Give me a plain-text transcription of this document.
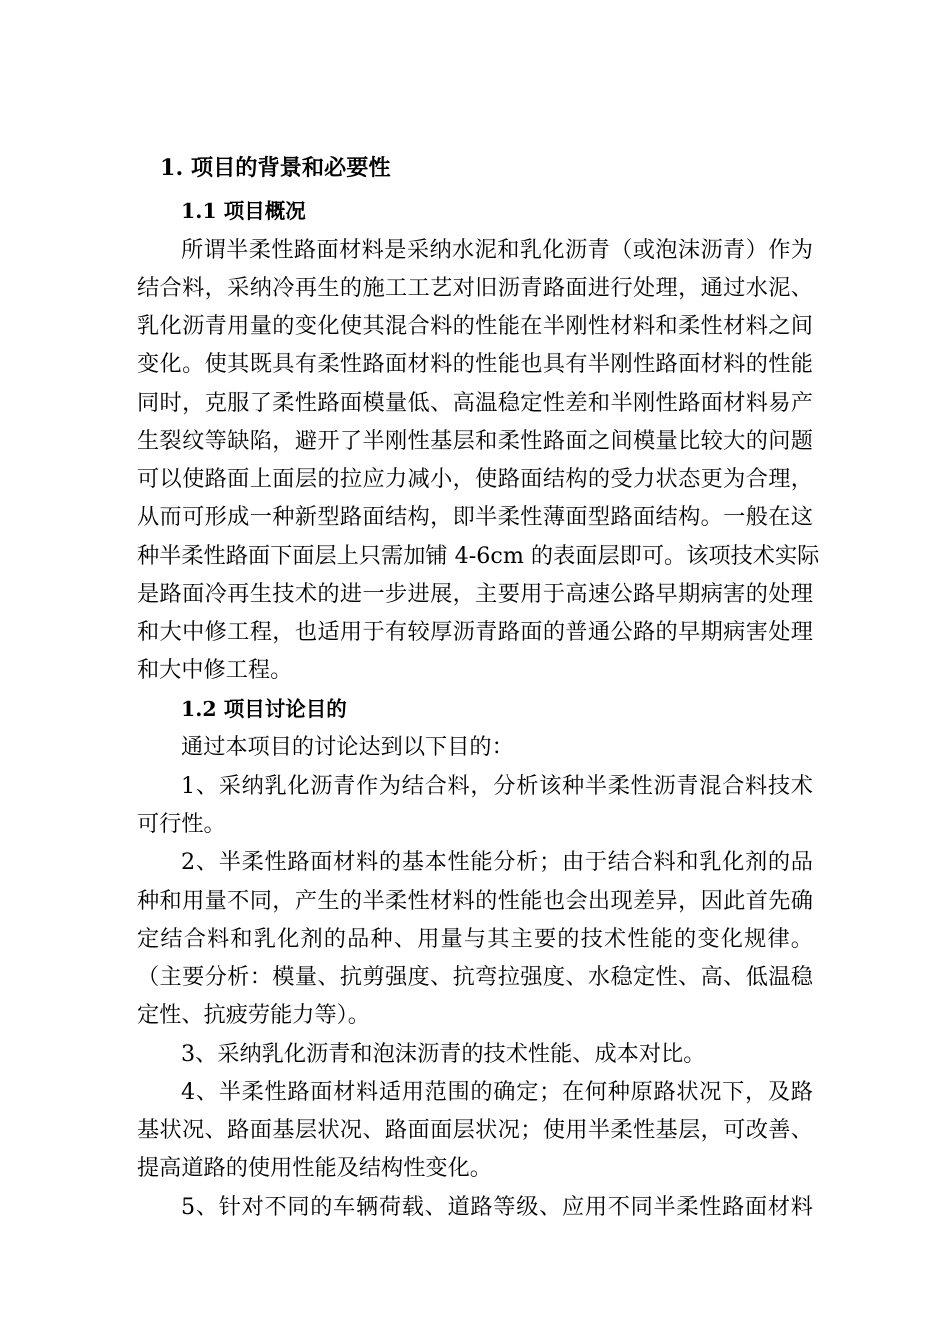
1. 项目的背景和必要性
1.1 项目概况
所谓半柔性路面材料是采纳水泥和乳化沥青（或泡沫沥青）作为
结合料，采纳冷再生的施工工艺对旧沥青路面进行处理，通过水泥、
乳化沥青用量的变化使其混合料的性能在半刚性材料和柔性材料之间
变化。使其既具有柔性路面材料的性能也具有半刚性路面材料的性能
同时，克服了柔性路面模量低、高温稳定性差和半刚性路面材料易产
生裂纹等缺陷，避开了半刚性基层和柔性路面之间模量比较大的问题
可以使路面上面层的拉应力减小，使路面结构的受力状态更为合理，
从而可形成一种新型路面结构，即半柔性薄面型路面结构。一般在这
种半柔性路面下面层上只需加铺 4-6cm 的表面层即可。该项技术实际
是路面冷再生技术的进一步进展，主要用于高速公路早期病害的处理
和大中修工程，也适用于有较厚沥青路面的普通公路的早期病害处理
和大中修工程。
1.2 项目讨论目的
通过本项目的讨论达到以下目的：
1、采纳乳化沥青作为结合料，分析该种半柔性沥青混合料技术
可行性。
2、半柔性路面材料的基本性能分析；由于结合料和乳化剂的品
种和用量不同，产生的半柔性材料的性能也会出现差异，因此首先确
定结合料和乳化剂的品种、用量与其主要的技术性能的变化规律。
（主要分析：模量、抗剪强度、抗弯拉强度、水稳定性、高、低温稳
定性、抗疲劳能力等）。
3、采纳乳化沥青和泡沫沥青的技术性能、成本对比。
4、半柔性路面材料适用范围的确定；在何种原路状况下，及路
基状况、路面基层状况、路面面层状况；使用半柔性基层，可改善、
提高道路的使用性能及结构性变化。
5、针对不同的车辆荷载、道路等级、应用不同半柔性路面材料
